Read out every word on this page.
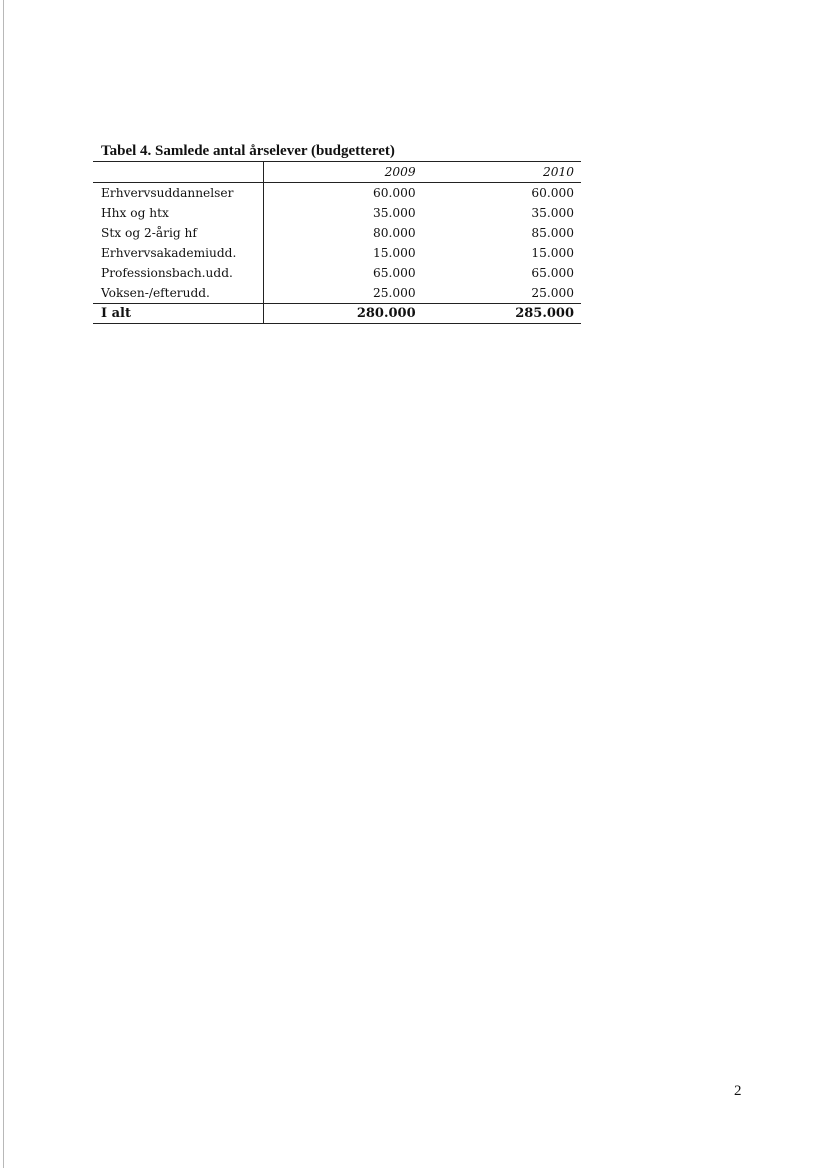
Tabel 4. Samlede antal årselever (budgetteret)
	2009	2010
Erhvervsuddannelser	60.000	60.000
Hhx og htx	35.000	35.000
Stx og 2-årig hf	80.000	85.000
Erhvervsakademiudd.	15.000	15.000
Professionsbach.udd.	65.000	65.000
Voksen-/efterudd.	25.000	25.000
I alt	280.000	285.000

2
